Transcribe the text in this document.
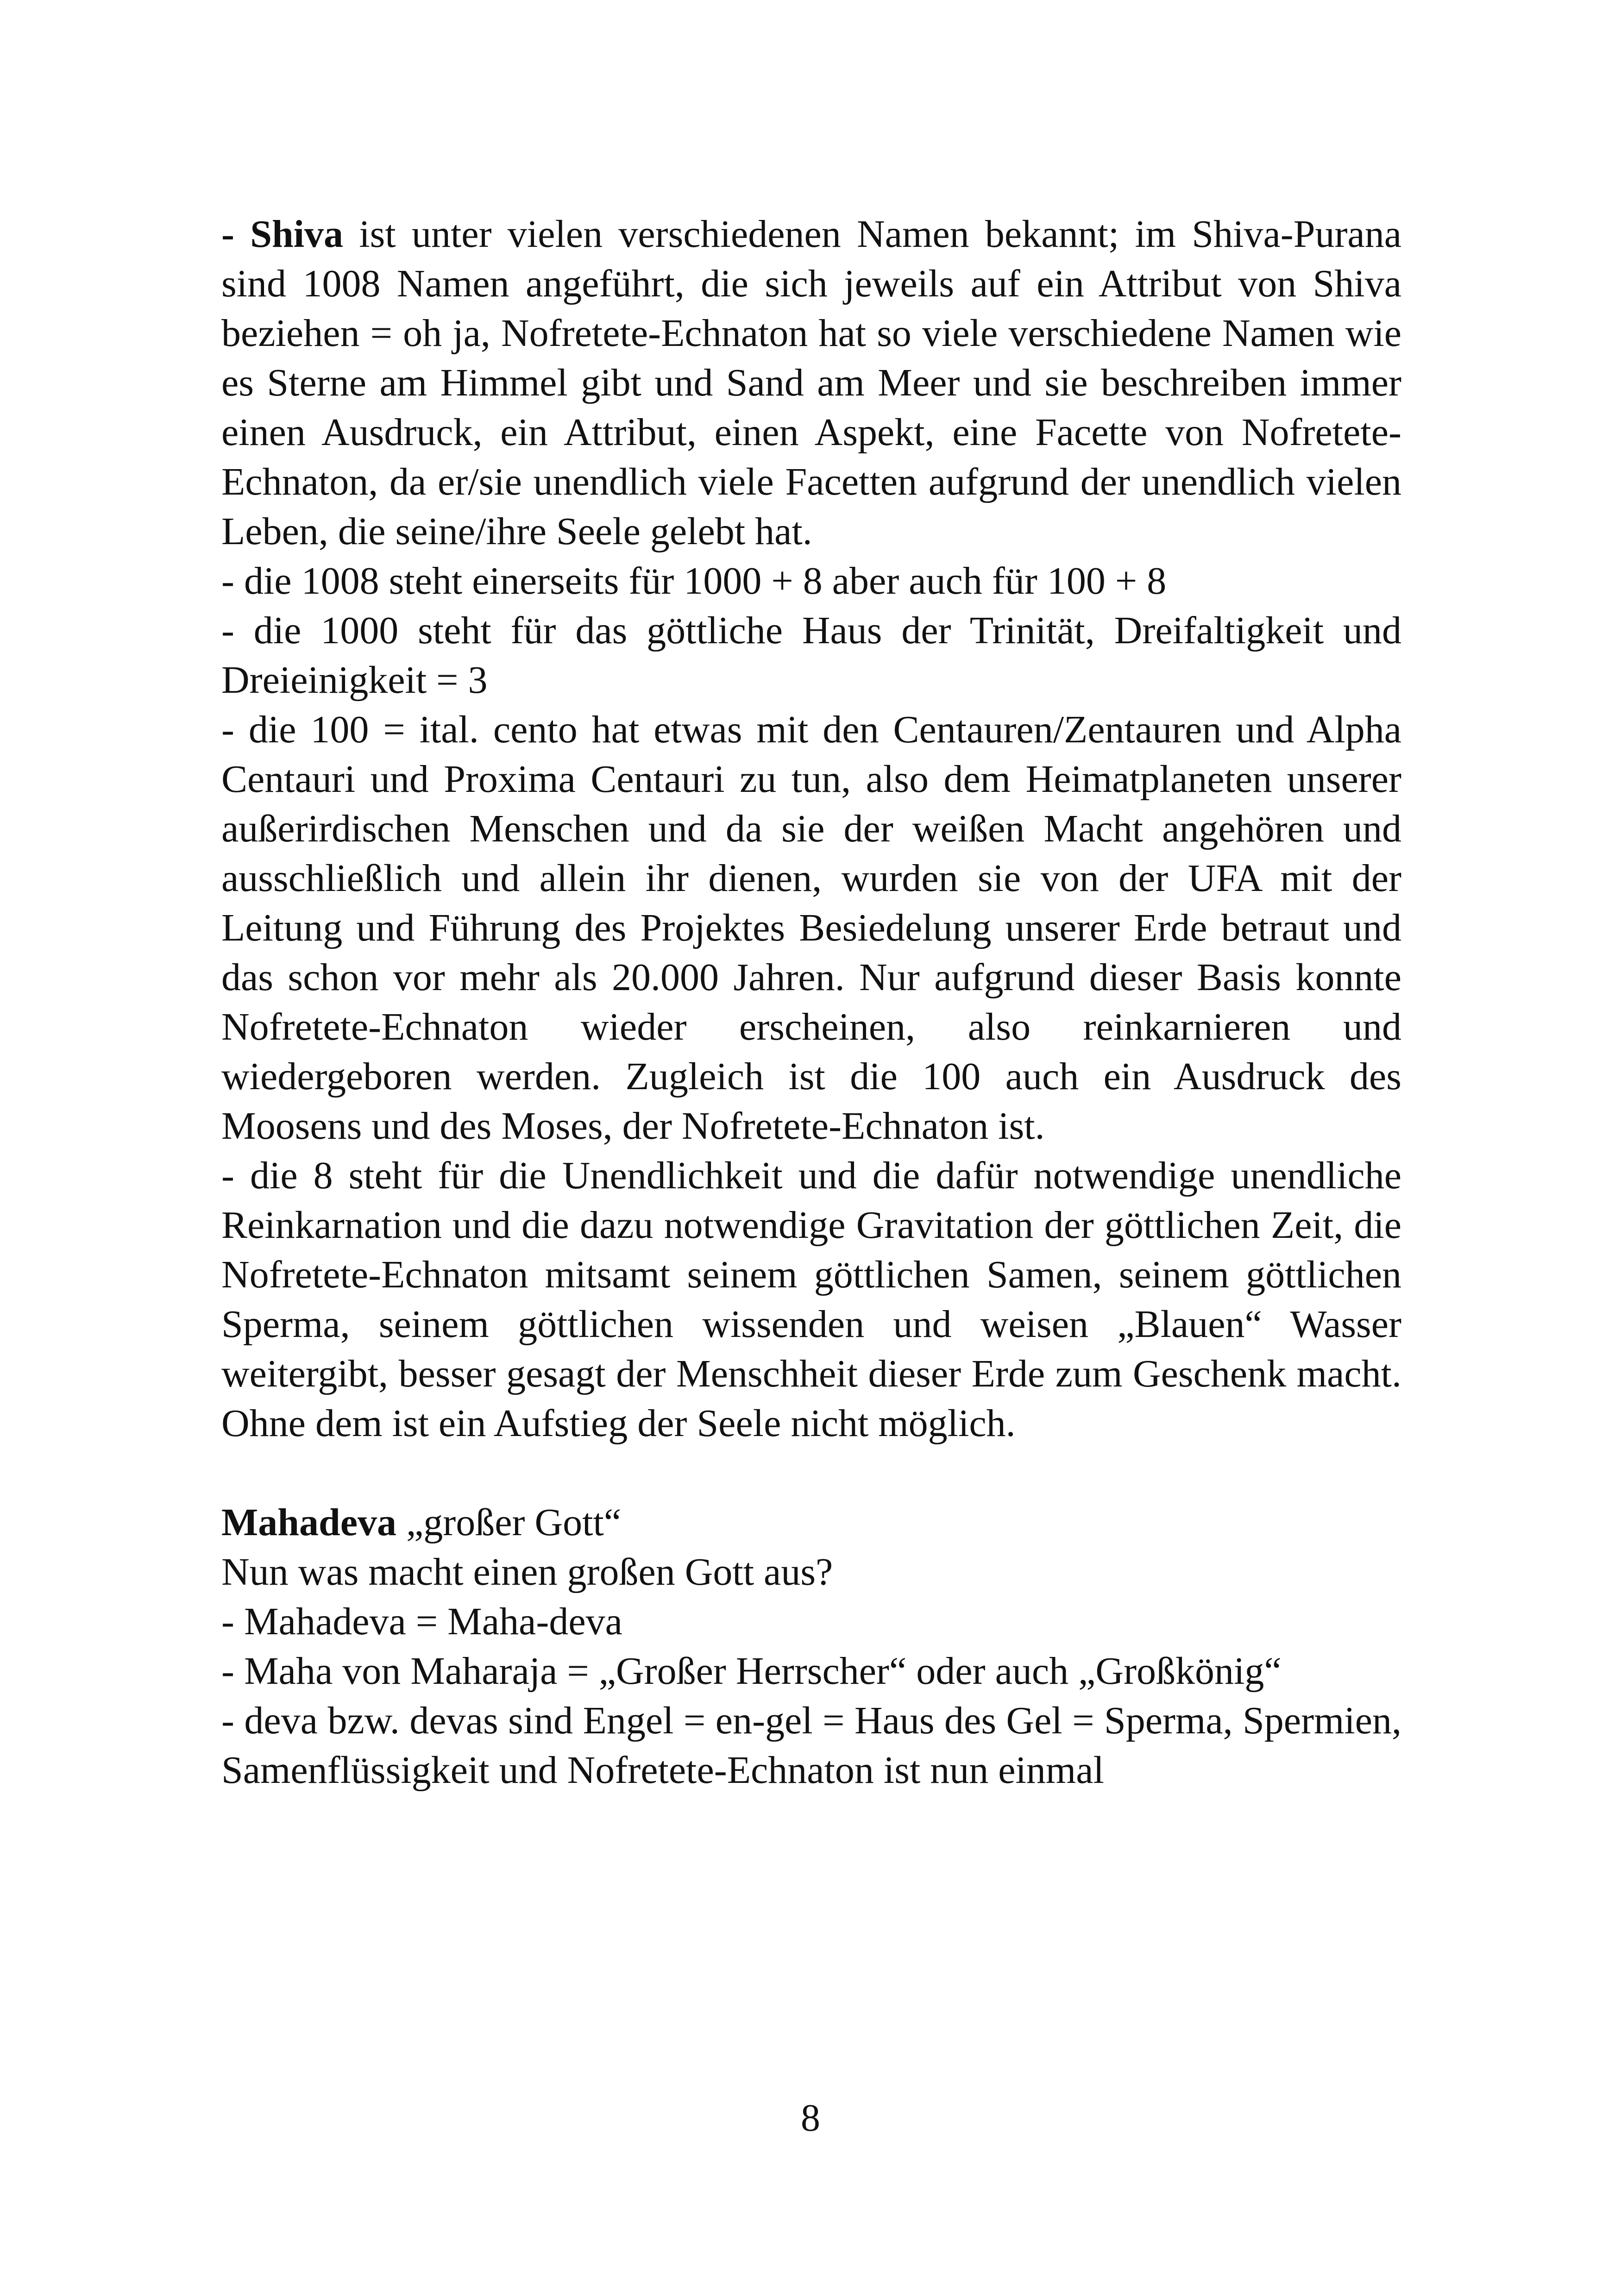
- Shiva ist unter vielen verschiedenen Namen bekannt; im Shiva-Purana sind 1008 Namen angeführt, die sich jeweils auf ein Attribut von Shiva beziehen = oh ja, Nofretete-Echnaton hat so viele verschiedene Namen wie es Sterne am Himmel gibt und Sand am Meer und sie beschreiben immer einen Ausdruck, ein Attribut, einen Aspekt, eine Facette von Nofretete-Echnaton, da er/sie unendlich viele Facetten aufgrund der unendlich vielen Leben, die seine/ihre Seele gelebt hat.

- die 1008 steht einerseits für 1000 + 8 aber auch für 100 + 8

- die 1000 steht für das göttliche Haus der Trinität, Dreifaltigkeit und Dreieinigkeit = 3

- die 100 = ital. cento hat etwas mit den Centauren/Zentauren und Alpha Centauri und Proxima Centauri zu tun, also dem Heimatplaneten unserer außerirdischen Menschen und da sie der weißen Macht angehören und ausschließlich und allein ihr dienen, wurden sie von der UFA mit der Leitung und Führung des Projektes Besiedelung unserer Erde betraut und das schon vor mehr als 20.000 Jahren. Nur aufgrund dieser Basis konnte Nofretete-Echnaton wieder erscheinen, also reinkarnieren und wiedergeboren werden. Zugleich ist die 100 auch ein Ausdruck des Moosens und des Moses, der Nofretete-Echnaton ist.

- die 8 steht für die Unendlichkeit und die dafür notwendige unendliche Reinkarnation und die dazu notwendige Gravitation der göttlichen Zeit, die Nofretete-Echnaton mitsamt seinem göttlichen Samen, seinem göttlichen Sperma, seinem göttlichen wissenden und weisen „Blauen“ Wasser weitergibt, besser gesagt der Menschheit dieser Erde zum Geschenk macht. Ohne dem ist ein Aufstieg der Seele nicht möglich.

Mahadeva „großer Gott“

Nun was macht einen großen Gott aus?

- Mahadeva = Maha-deva

- Maha von Maharaja = „Großer Herrscher“ oder auch „Großkönig“

- deva bzw. devas sind Engel = en-gel = Haus des Gel = Sperma, Spermien, Samenflüssigkeit und Nofretete-Echnaton ist nun einmal

8
